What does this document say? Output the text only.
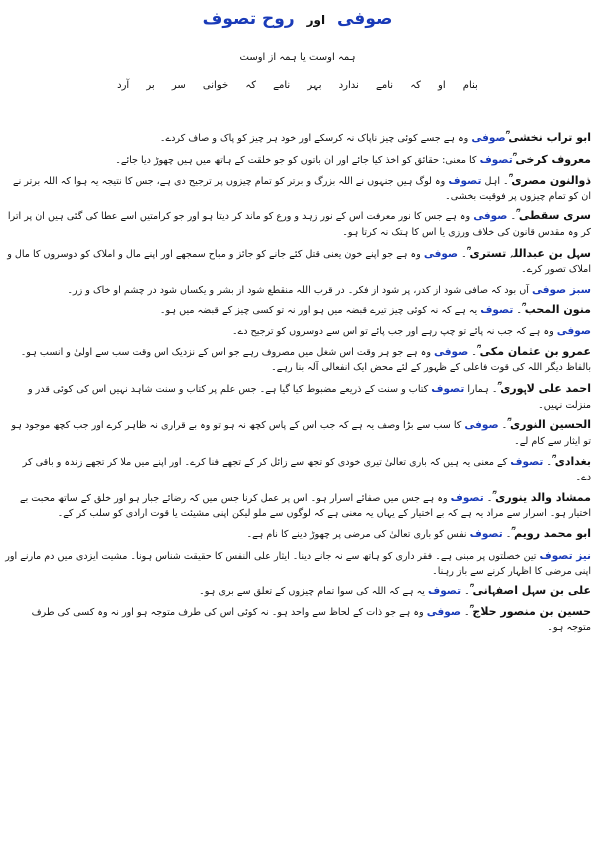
صوفی اور روح تصوف
ہمہ اوست یا ہمہ از اوست
بنام او کہ نامے ندارد بہر نامے کہ خوانی سر بر آرد

ابو تراب نخشی ؒصوفی وہ ہے جسے کوئی چیز ناپاک نہ کرسکے اور خود ہر چیز کو پاک و صاف کردے۔

معروف کرخی ؒتصوف کا معنی: حقائق کو اخذ کیا جائے اور ان باتوں کو جو خلقت کے ہاتھ میں ہیں چھوڑ دیا جائے۔

ذوالنون مصری ؒ۔ اہل تصوف وہ لوگ ہیں جنہوں نے اللہ بزرگ و برتر کو تمام چیزوں پر ترجیح دی ہے، جس کا نتیجہ یہ ہوا کہ اللہ برتر نے ان کو تمام چیزوں پر فوقیت بخشی۔

سری سقطی ؒ۔ صوفی وہ ہے جس کا نور معرفت اس کے نور زہد و ورع کو ماند کر دیتا ہو اور جو کرامتیں اسے عطا کی گئی ہیں ان پر اترا کر وہ مقدس قانون کی خلاف ورزی یا اس کا ہتک نہ کرتا ہو۔

سہل بن عبداللہ تستری ؒ۔ صوفی وہ ہے جو اپنے خون یعنی قتل کئے جانے کو جائز و مباح سمجھے اور اپنے مال و املاک کو دوسروں کا مال و املاک تصور کرے۔

سبز صوفی آں بود کہ صافی شود از کدر، پر شود از فکر۔ در قرب اللہ منقطع شود از بشر و یکساں شود در چشم او خاک و زر۔

منون المحب ؒ۔ تصوف یہ ہے کہ نہ کوئی چیز تیرے قبضہ میں ہو اور نہ تو کسی چیز کے قبضہ میں ہو۔

صوفی وہ ہے کہ جب نہ پائے تو چپ رہے اور جب پائے تو اس سے دوسروں کو ترجیح دے۔

عمرو بن عثمان مکی ؒ۔ صوفی وہ ہے جو ہر وقت اس شغل میں مصروف رہے جو اس کے نزدیک اس وقت سب سے اولیٰ و انسب ہو۔ بالفاظ دیگر اللہ کی قوت فاعلی کے ظہور کے لئے محض ایک انفعالی آلہ بنا رہے۔

احمد علی لاہوری ؒ۔ ہمارا تصوف کتاب و سنت کے ذریعے مضبوط کیا گیا ہے۔ جس علم پر کتاب و سنت شاہد نہیں اس کی کوئی قدر و منزلت نہیں۔

الحسین النوری ؒ۔ صوفی کا سب سے بڑا وصف یہ ہے کہ جب اس کے پاس کچھ نہ ہو تو وہ بے قراری نہ ظاہر کرے اور جب کچھ موجود ہو تو ایثار سے کام لے۔

بغدادی ؒ۔ تصوف کے معنی یہ ہیں کہ باری تعالیٰ تیری خودی کو تجھ سے زائل کر کے تجھے فنا کرے۔ اور اپنے میں ملا کر تجھے زندہ و باقی کر دے۔

ممشاد والد ینوری ؒ۔ تصوف وہ ہے جس میں صفائے اسرار ہو۔ اس پر عمل کرنا جس میں کہ رضائے جبار ہو اور خلق کے ساتھ محبت بے اختیار ہو۔ اسرار سے مراد یہ ہے کہ بے اختیار کے یہاں یہ معنی ہے کہ لوگوں سے ملو لیکن اپنی مشیئت یا قوت ارادی کو سلب کر کے۔

ابو محمد رویم ؒ۔ تصوف نفس کو باری تعالیٰ کی مرضی پر چھوڑ دینے کا نام ہے۔

نیز تصوف تین خصلتوں پر مبنی ہے۔ فقر داری کو ہاتھ سے نہ جانے دینا۔ ایثار علی النفس کا حقیقت شناس ہونا۔ مشیت ایزدی میں دم مارنے اور اپنی مرضی کا اظہار کرنے سے باز رہنا۔

علی بن سہل اصفہانی ؒ۔ تصوف یہ ہے کہ اللہ کی سوا تمام چیزوں کے تعلق سے بری ہو۔

حسین بن منصور حلاج ؒ۔ صوفی وہ ہے جو ذات کے لحاظ سے واحد ہو۔ نہ کوئی اس کی طرف متوجہ ہو اور نہ وہ کسی کی طرف متوجہ ہو۔
